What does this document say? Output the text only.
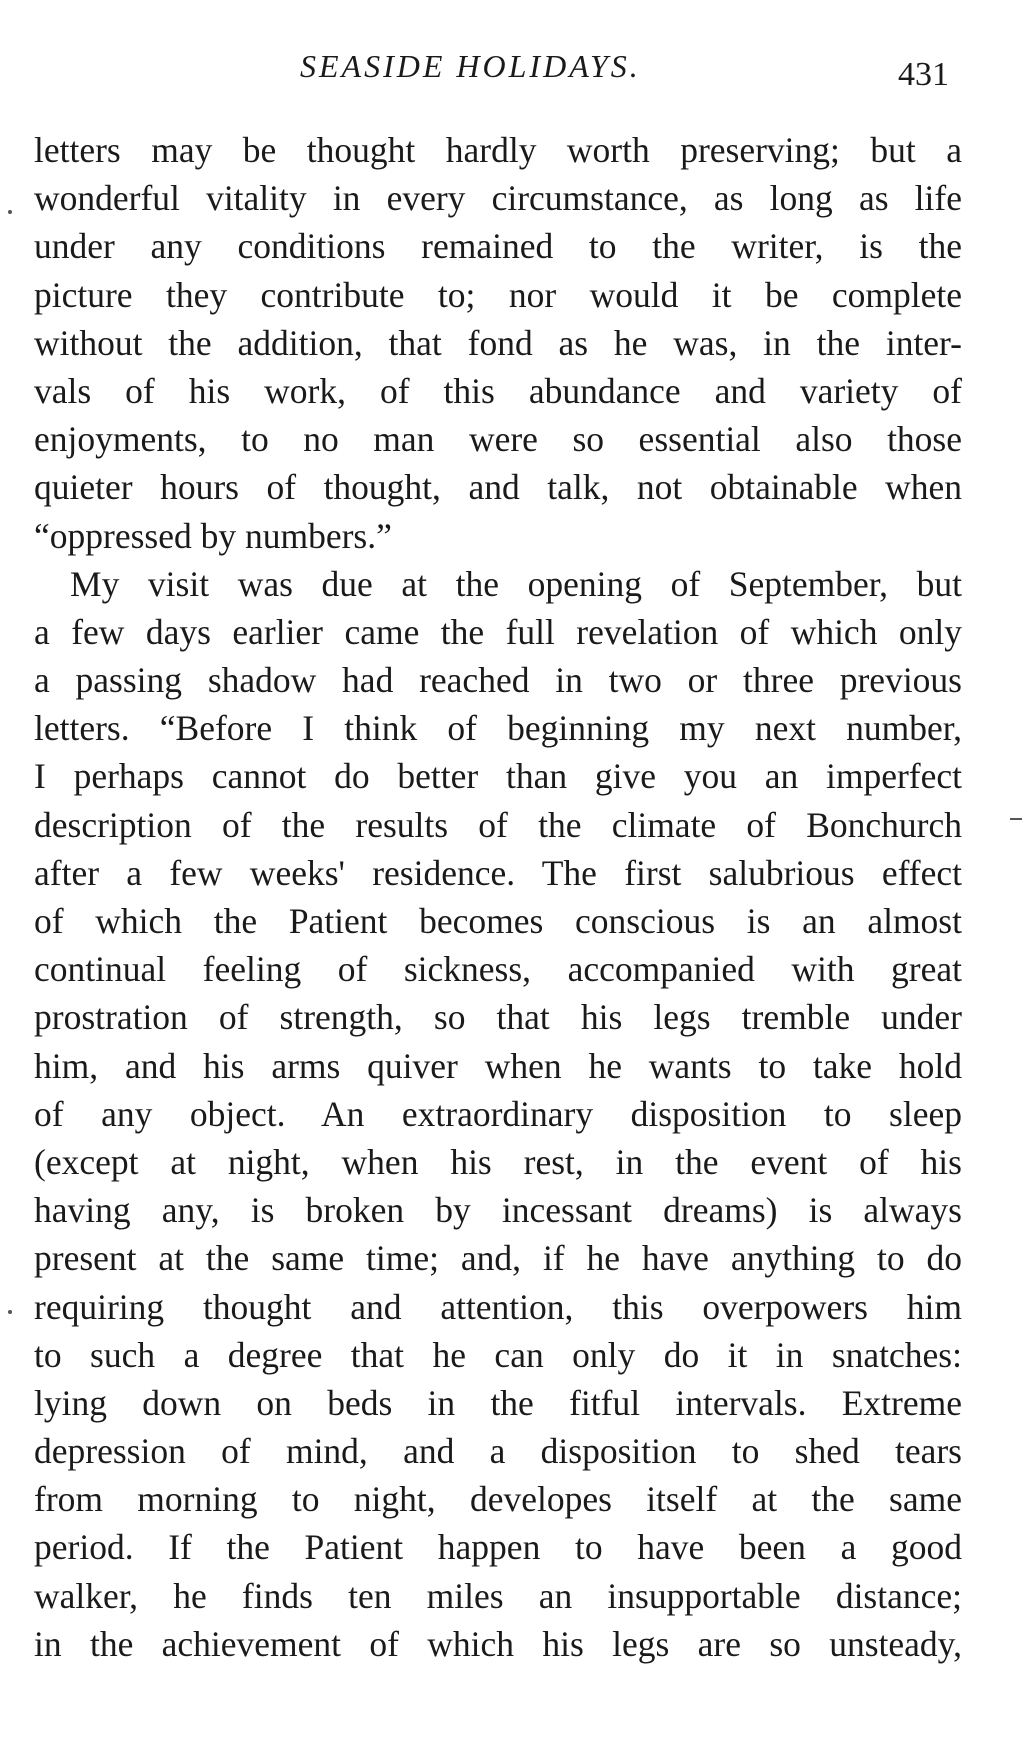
SEASIDE HOLIDAYS.	431
letters may be thought hardly worth preserving; but a
wonderful vitality in every circumstance, as long as life
under any conditions remained to the writer, is the
picture they contribute to; nor would it be complete
without the addition, that fond as he was, in the inter-
vals of his work, of this abundance and variety of
enjoyments, to no man were so essential also those
quieter hours of thought, and talk, not obtainable when
“oppressed by numbers.”
My visit was due at the opening of September, but
a few days earlier came the full revelation of which only
a passing shadow had reached in two or three previous
letters. “Before I think of beginning my next number,
I perhaps cannot do better than give you an imperfect
description of the results of the climate of Bonchurch
after a few weeks' residence. The first salubrious effect
of which the Patient becomes conscious is an almost
continual feeling of sickness, accompanied with great
prostration of strength, so that his legs tremble under
him, and his arms quiver when he wants to take hold
of any object. An extraordinary disposition to sleep
(except at night, when his rest, in the event of his
having any, is broken by incessant dreams) is always
present at the same time; and, if he have anything to do
requiring thought and attention, this overpowers him
to such a degree that he can only do it in snatches:
lying down on beds in the fitful intervals. Extreme
depression of mind, and a disposition to shed tears
from morning to night, developes itself at the same
period. If the Patient happen to have been a good
walker, he finds ten miles an insupportable distance;
in the achievement of which his legs are so unsteady,
